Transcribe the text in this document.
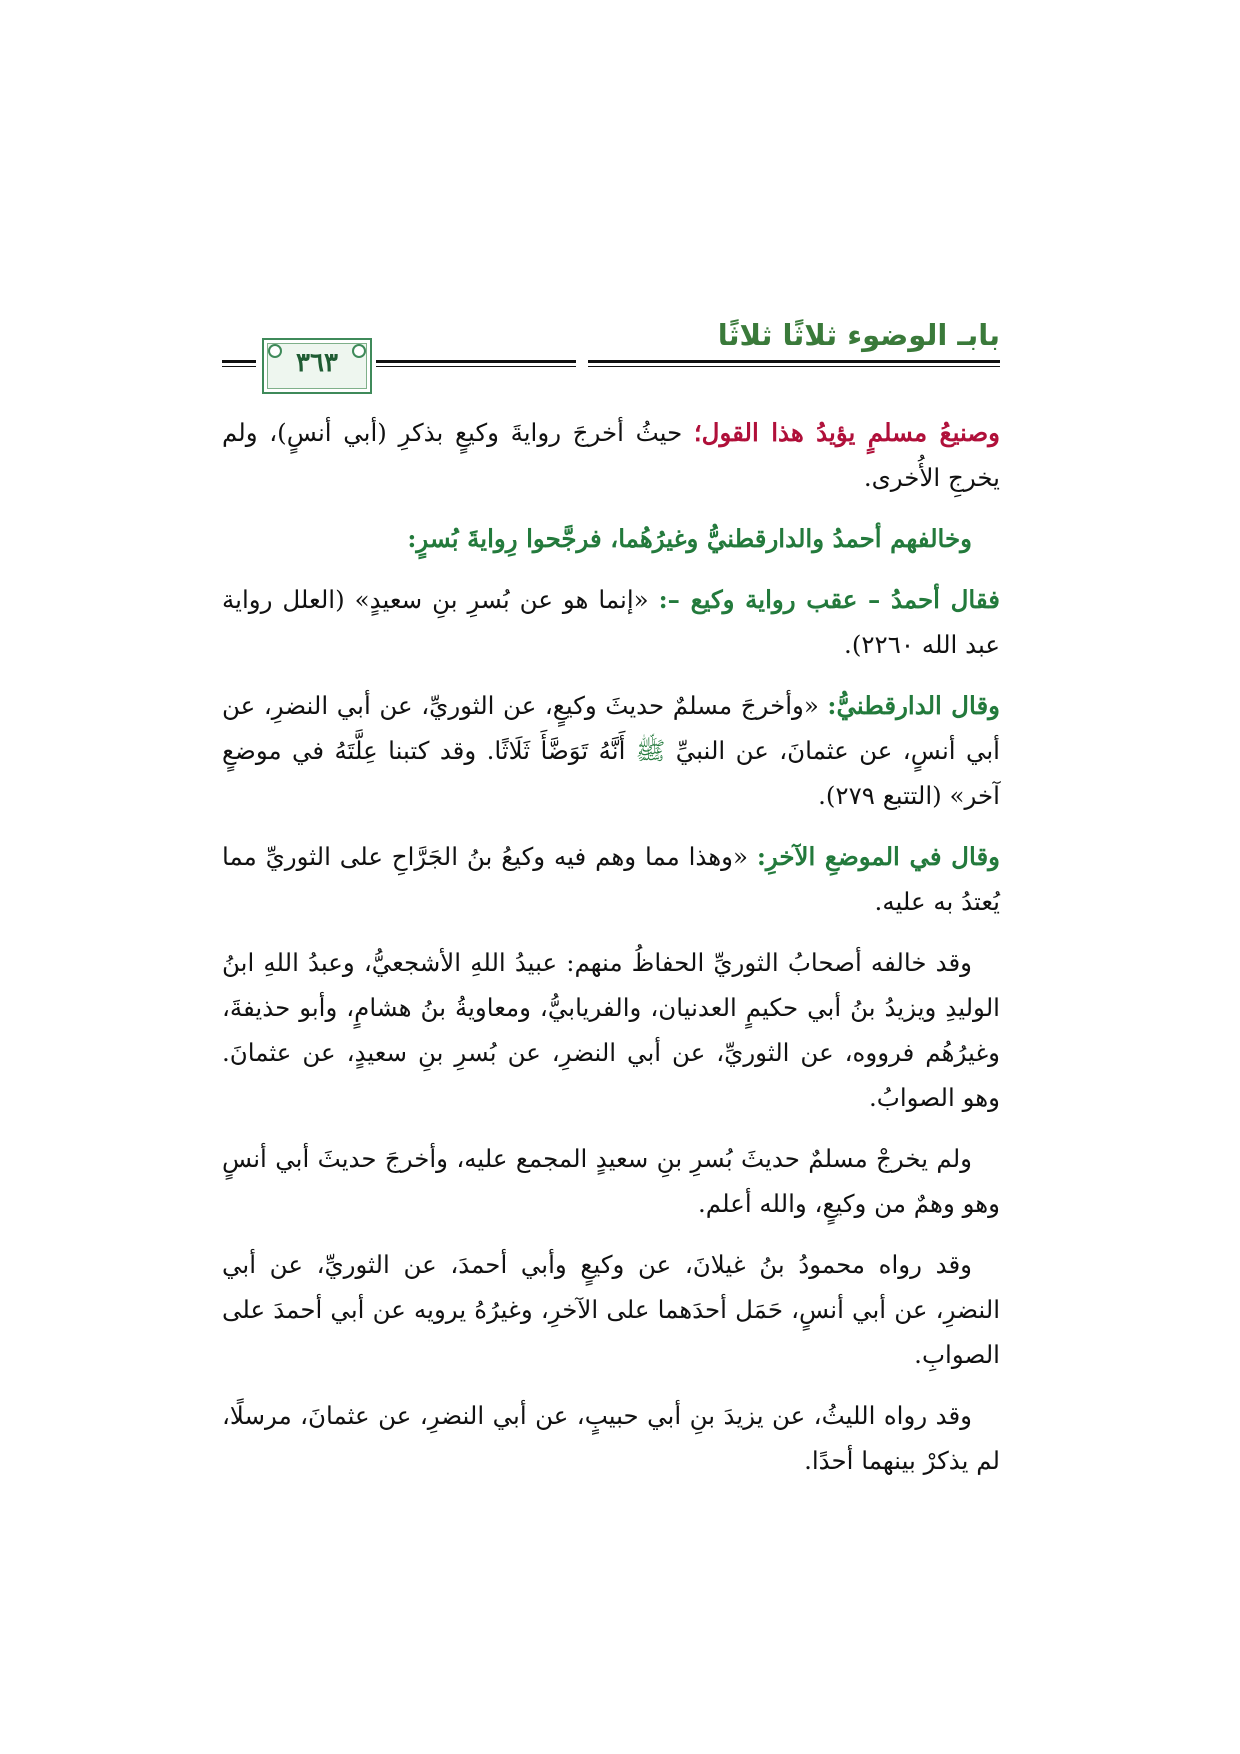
بابـ الوضوء ثلاثًا ثلاثًا
٣٦٣

وصنيعُ مسلمٍ يؤيدُ هذا القول؛ حيثُ أخرجَ روايةَ وكيعٍ بذكرِ (أبي أنسٍ)، ولم يخرجِ الأُخرى.

وخالفهم أحمدُ والدارقطنيُّ وغيرُهُما، فرجَّحوا رِوايةَ بُسرٍ:

فقال أحمدُ – عقب رواية وكيع –: «إنما هو عن بُسرِ بنِ سعيدٍ» (العلل رواية عبد الله ٢٢٦٠).

وقال الدارقطنيُّ: «وأخرجَ مسلمٌ حديثَ وكيعٍ، عن الثوريِّ، عن أبي النضرِ، عن أبي أنسٍ، عن عثمانَ، عن النبيِّ ﷺ أَنَّهُ تَوَضَّأَ ثَلَاثًا. وقد كتبنا عِلَّتَهُ في موضعٍ آخر» (التتبع ٢٧٩).

وقال في الموضعِ الآخرِ: «وهذا مما وهم فيه وكيعُ بنُ الجَرَّاحِ على الثوريِّ مما يُعتدُ به عليه.

وقد خالفه أصحابُ الثوريِّ الحفاظُ منهم: عبيدُ اللهِ الأشجعيُّ، وعبدُ اللهِ ابنُ الوليدِ ويزيدُ بنُ أبي حكيمٍ العدنيان، والفريابيُّ، ومعاويةُ بنُ هشامٍ، وأبو حذيفةَ، وغيرُهُم فرووه، عن الثوريِّ، عن أبي النضرِ، عن بُسرِ بنِ سعيدٍ، عن عثمانَ. وهو الصوابُ.

ولم يخرجْ مسلمٌ حديثَ بُسرِ بنِ سعيدٍ المجمع عليه، وأخرجَ حديثَ أبي أنسٍ وهو وهمٌ من وكيعٍ، والله أعلم.

وقد رواه محمودُ بنُ غيلانَ، عن وكيعٍ وأبي أحمدَ، عن الثوريِّ، عن أبي النضرِ، عن أبي أنسٍ، حَمَل أحدَهما على الآخرِ، وغيرُهُ يرويه عن أبي أحمدَ على الصوابِ.

وقد رواه الليثُ، عن يزيدَ بنِ أبي حبيبٍ، عن أبي النضرِ، عن عثمانَ، مرسلًا، لم يذكرْ بينهما أحدًا.
